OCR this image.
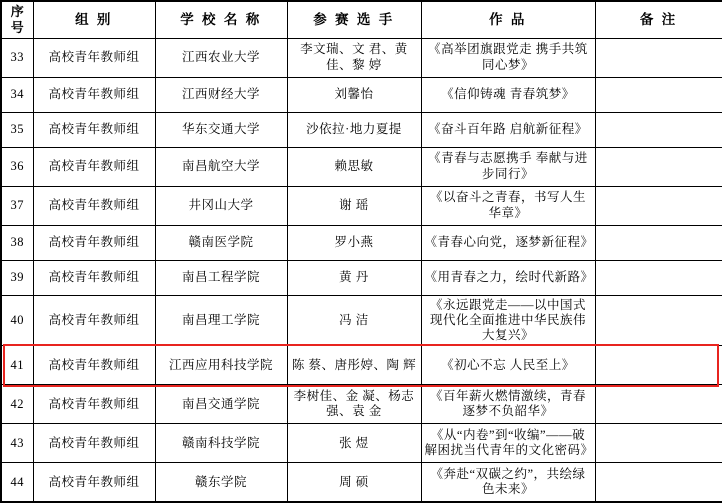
序 号	组 别	学 校 名 称	参 赛 选 手	作 品	备 注
33	高校青年教师组	江西农业大学	李文瑞、文 君、黄 佳、黎 婷	《高举团旗跟党走 携手共筑同心梦》	
34	高校青年教师组	江西财经大学	刘馨怡	《信仰铸魂 青春筑梦》	
35	高校青年教师组	华东交通大学	沙依拉·地力夏提	《奋斗百年路 启航新征程》	
36	高校青年教师组	南昌航空大学	赖思敏	《青春与志愿携手 奉献与进步同行》	
37	高校青年教师组	井冈山大学	谢 瑶	《以奋斗之青春，书写人生华章》	
38	高校青年教师组	赣南医学院	罗小燕	《青春心向党，逐梦新征程》	
39	高校青年教师组	南昌工程学院	黄 丹	《用青春之力，绘时代新路》	
40	高校青年教师组	南昌理工学院	冯 洁	《永远跟党走——以中国式现代化全面推进中华民族伟大复兴》	
41	高校青年教师组	江西应用科技学院	陈 蔡、唐彤婷、陶 辉	《初心不忘 人民至上》	
42	高校青年教师组	南昌交通学院	李树佳、金 凝、杨志强、袁 金	《百年薪火燃情激续，青春逐梦不负韶华》	
43	高校青年教师组	赣南科技学院	张 煜	《从“内卷”到“收编”——破解困扰当代青年的文化密码》	
44	高校青年教师组	赣东学院	周 硕	《奔赴“双碳之约”，共绘绿色未来》	
